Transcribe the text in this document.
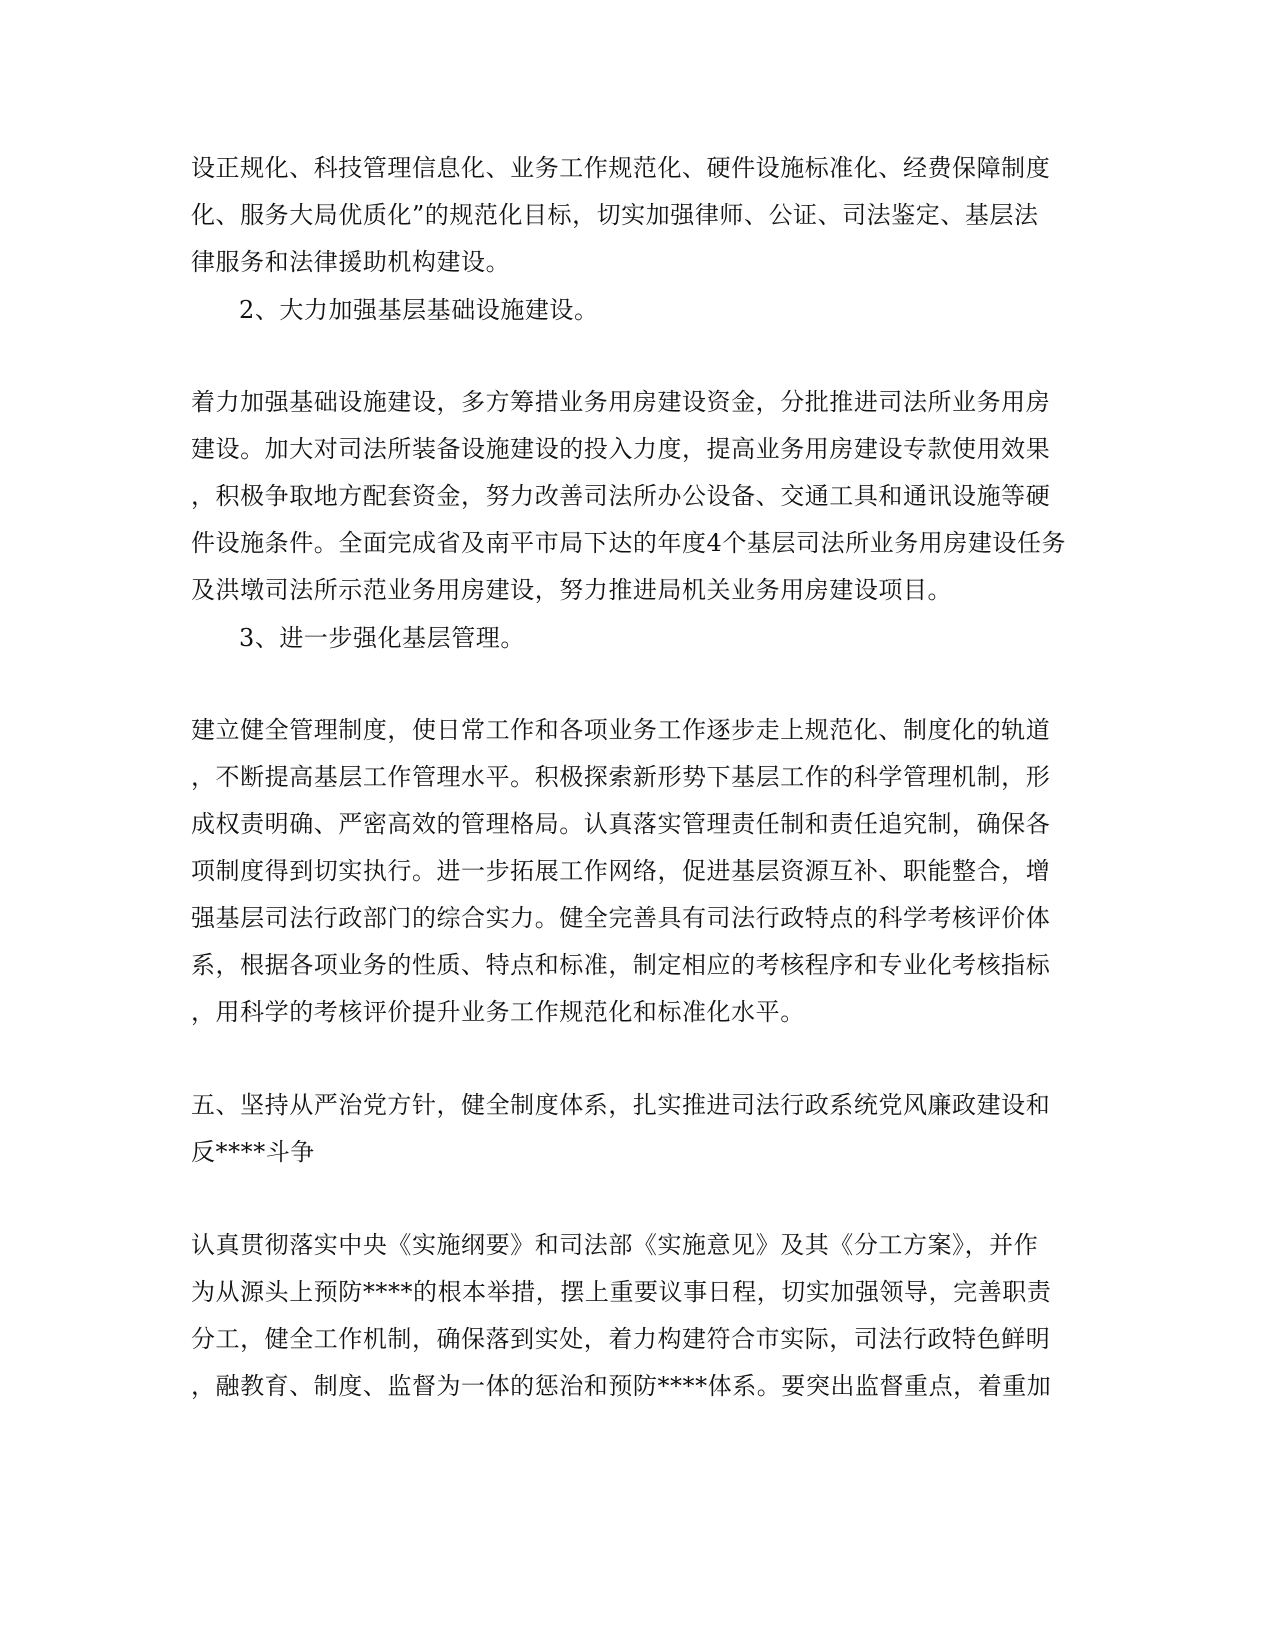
设正规化、科技管理信息化、业务工作规范化、硬件设施标准化、经费保障制度
化、服务大局优质化”的规范化目标，切实加强律师、公证、司法鉴定、基层法
律服务和法律援助机构建设。
2、大力加强基层基础设施建设。
着力加强基础设施建设，多方筹措业务用房建设资金，分批推进司法所业务用房
建设。加大对司法所装备设施建设的投入力度，提高业务用房建设专款使用效果
，积极争取地方配套资金，努力改善司法所办公设备、交通工具和通讯设施等硬
件设施条件。全面完成省及南平市局下达的年度4个基层司法所业务用房建设任务
及洪墩司法所示范业务用房建设，努力推进局机关业务用房建设项目。
3、进一步强化基层管理。
建立健全管理制度，使日常工作和各项业务工作逐步走上规范化、制度化的轨道
，不断提高基层工作管理水平。积极探索新形势下基层工作的科学管理机制，形
成权责明确、严密高效的管理格局。认真落实管理责任制和责任追究制，确保各
项制度得到切实执行。进一步拓展工作网络，促进基层资源互补、职能整合，增
强基层司法行政部门的综合实力。健全完善具有司法行政特点的科学考核评价体
系，根据各项业务的性质、特点和标准，制定相应的考核程序和专业化考核指标
，用科学的考核评价提升业务工作规范化和标准化水平。
五、坚持从严治党方针，健全制度体系，扎实推进司法行政系统党风廉政建设和
反****斗争
认真贯彻落实中央《实施纲要》和司法部《实施意见》及其《分工方案》，并作
为从源头上预防****的根本举措，摆上重要议事日程，切实加强领导，完善职责
分工，健全工作机制，确保落到实处，着力构建符合市实际，司法行政特色鲜明
，融教育、制度、监督为一体的惩治和预防****体系。要突出监督重点，着重加
